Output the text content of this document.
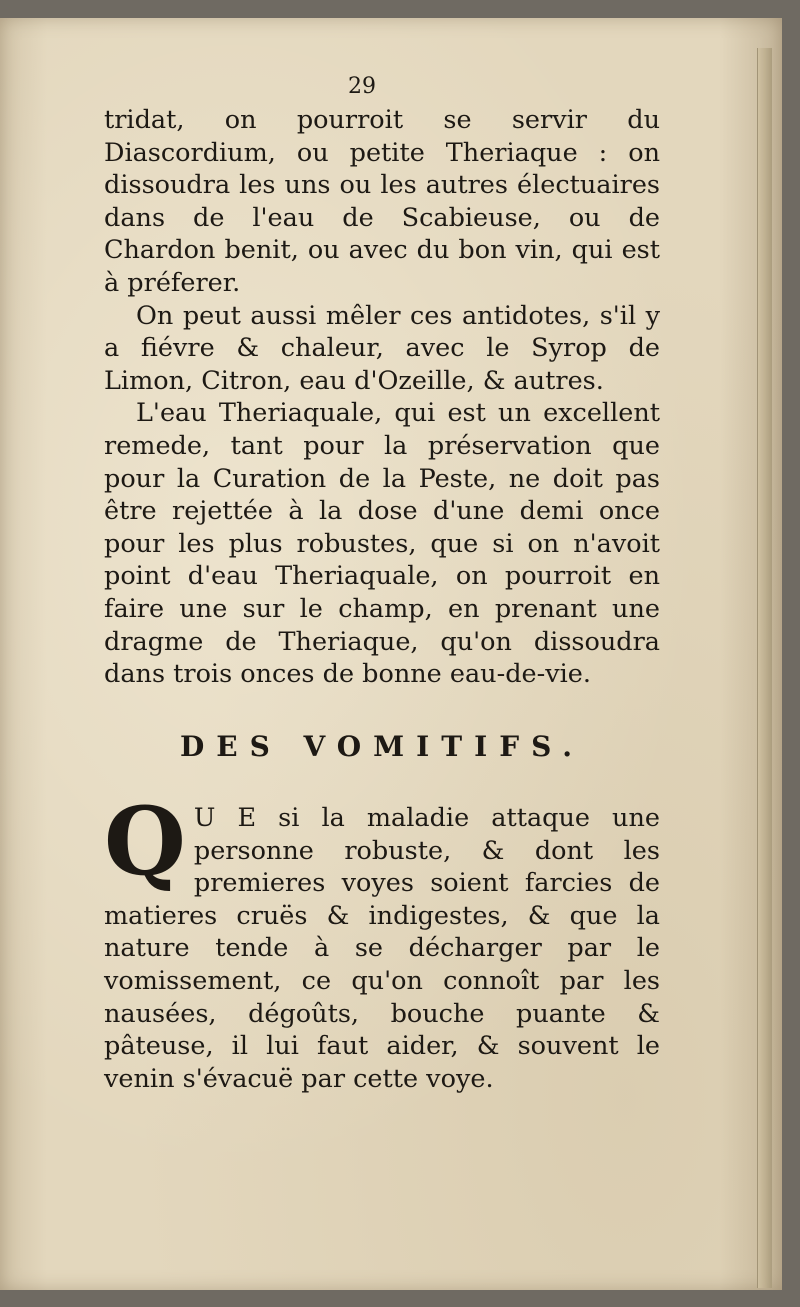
29

tridat, on pourroit se servir du Diascordium, ou petite Theriaque : on dissoudra les uns ou les autres électuaires dans de l'eau de Scabieuse, ou de Chardon benit, ou avec du bon vin, qui est à préferer.

On peut aussi mêler ces antidotes, s'il y a fiévre & chaleur, avec le Syrop de Limon, Citron, eau d'Ozeille, & autres.

L'eau Theriaquale, qui est un excellent remede, tant pour la préservation que pour la Curation de la Peste, ne doit pas être rejettée à la dose d'une demi once pour les plus robustes, que si on n'avoit point d'eau Theriaquale, on pourroit en faire une sur le champ, en prenant une dragme de Theriaque, qu'on dissoudra dans trois onces de bonne eau-de-vie.

DES VOMITIFS.

Q U E si la maladie attaque une personne robuste, & dont les premieres voyes soient farcies de matieres cruës & indigestes, & que la nature tende à se décharger par le vomissement, ce qu'on connoît par les nausées, dégoûts, bouche puante & pâteuse, il lui faut aider, & souvent le venin s'évacuë par cette voye.
